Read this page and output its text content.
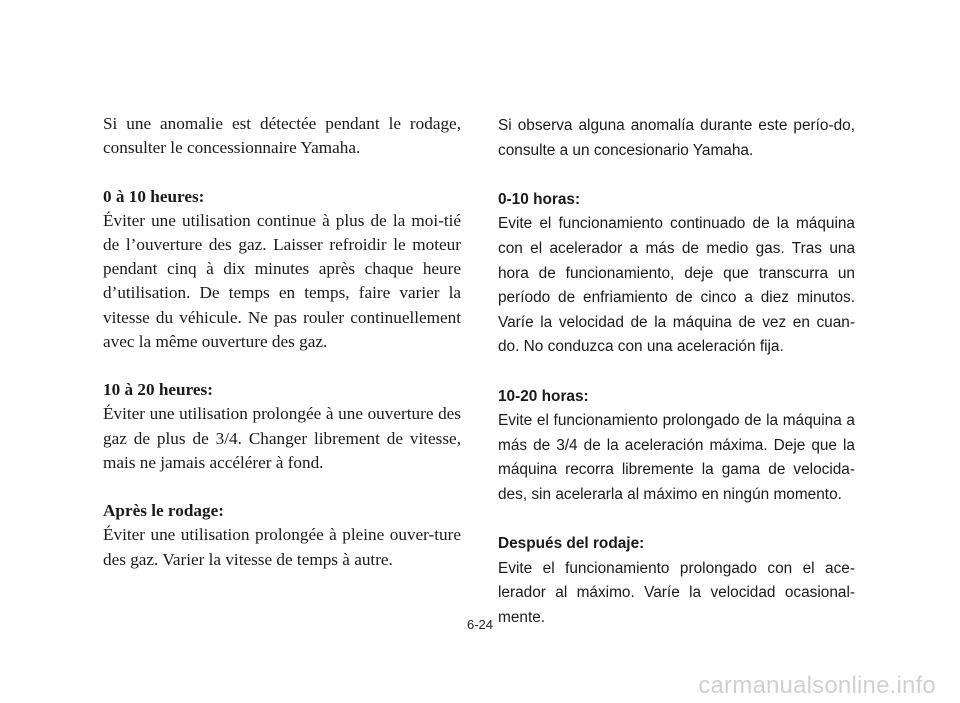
Si une anomalie est détectée pendant le rodage, consulter le concessionnaire Yamaha.

0 à 10 heures:

Éviter une utilisation continue à plus de la moi-tié de l’ouverture des gaz. Laisser refroidir le moteur pendant cinq à dix minutes après chaque heure d’utilisation. De temps en temps, faire varier la vitesse du véhicule. Ne pas rouler continuellement avec la même ouverture des gaz.

10 à 20 heures:

Éviter une utilisation prolongée à une ouverture des gaz de plus de 3/4. Changer librement de vitesse, mais ne jamais accélérer à fond.

Après le rodage:

Éviter une utilisation prolongée à pleine ouver-ture des gaz. Varier la vitesse de temps à autre.

Si observa alguna anomalía durante este perío-do, consulte a un concesionario Yamaha.

0-10 horas:

Evite el funcionamiento continuado de la máquina con el acelerador a más de medio gas. Tras una hora de funcionamiento, deje que transcurra un período de enfriamiento de cinco a diez minutos. Varíe la velocidad de la máquina de vez en cuan-do. No conduzca con una aceleración fija.

10-20 horas:

Evite el funcionamiento prolongado de la máquina a más de 3/4 de la aceleración máxima. Deje que la máquina recorra libremente la gama de velocida-des, sin acelerarla al máximo en ningún momento.

Después del rodaje:

Evite el funcionamiento prolongado con el ace-lerador al máximo. Varíe la velocidad ocasional-mente.

6-24
carmanualsonline.info
